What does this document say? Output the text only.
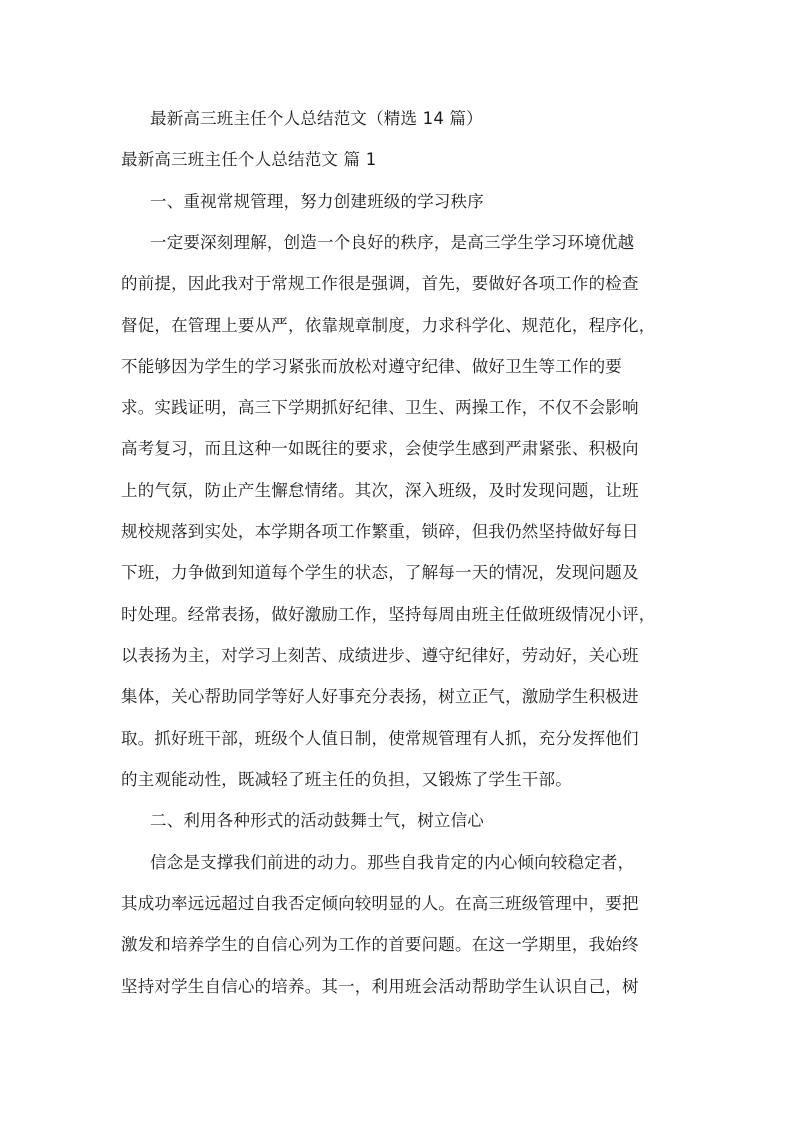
最新高三班主任个人总结范文（精选 14 篇）
最新高三班主任个人总结范文 篇 1
一、重视常规管理，努力创建班级的学习秩序
一定要深刻理解，创造一个良好的秩序，是高三学生学习环境优越
的前提，因此我对于常规工作很是强调，首先，要做好各项工作的检查
督促，在管理上要从严，依靠规章制度，力求科学化、规范化，程序化，
不能够因为学生的学习紧张而放松对遵守纪律、做好卫生等工作的要
求。实践证明，高三下学期抓好纪律、卫生、两操工作，不仅不会影响
高考复习，而且这种一如既往的要求，会使学生感到严肃紧张、积极向
上的气氛，防止产生懈怠情绪。其次，深入班级，及时发现问题，让班
规校规落到实处，本学期各项工作繁重，锁碎，但我仍然坚持做好每日
下班，力争做到知道每个学生的状态，了解每一天的情况，发现问题及
时处理。经常表扬，做好激励工作，坚持每周由班主任做班级情况小评，
以表扬为主，对学习上刻苦、成绩进步、遵守纪律好，劳动好，关心班
集体，关心帮助同学等好人好事充分表扬，树立正气，激励学生积极进
取。抓好班干部，班级个人值日制，使常规管理有人抓，充分发挥他们
的主观能动性，既减轻了班主任的负担，又锻炼了学生干部。
二、利用各种形式的活动鼓舞士气，树立信心
信念是支撑我们前进的动力。那些自我肯定的内心倾向较稳定者，
其成功率远远超过自我否定倾向较明显的人。在高三班级管理中，要把
激发和培养学生的自信心列为工作的首要问题。在这一学期里，我始终
坚持对学生自信心的培养。其一，利用班会活动帮助学生认识自己，树
